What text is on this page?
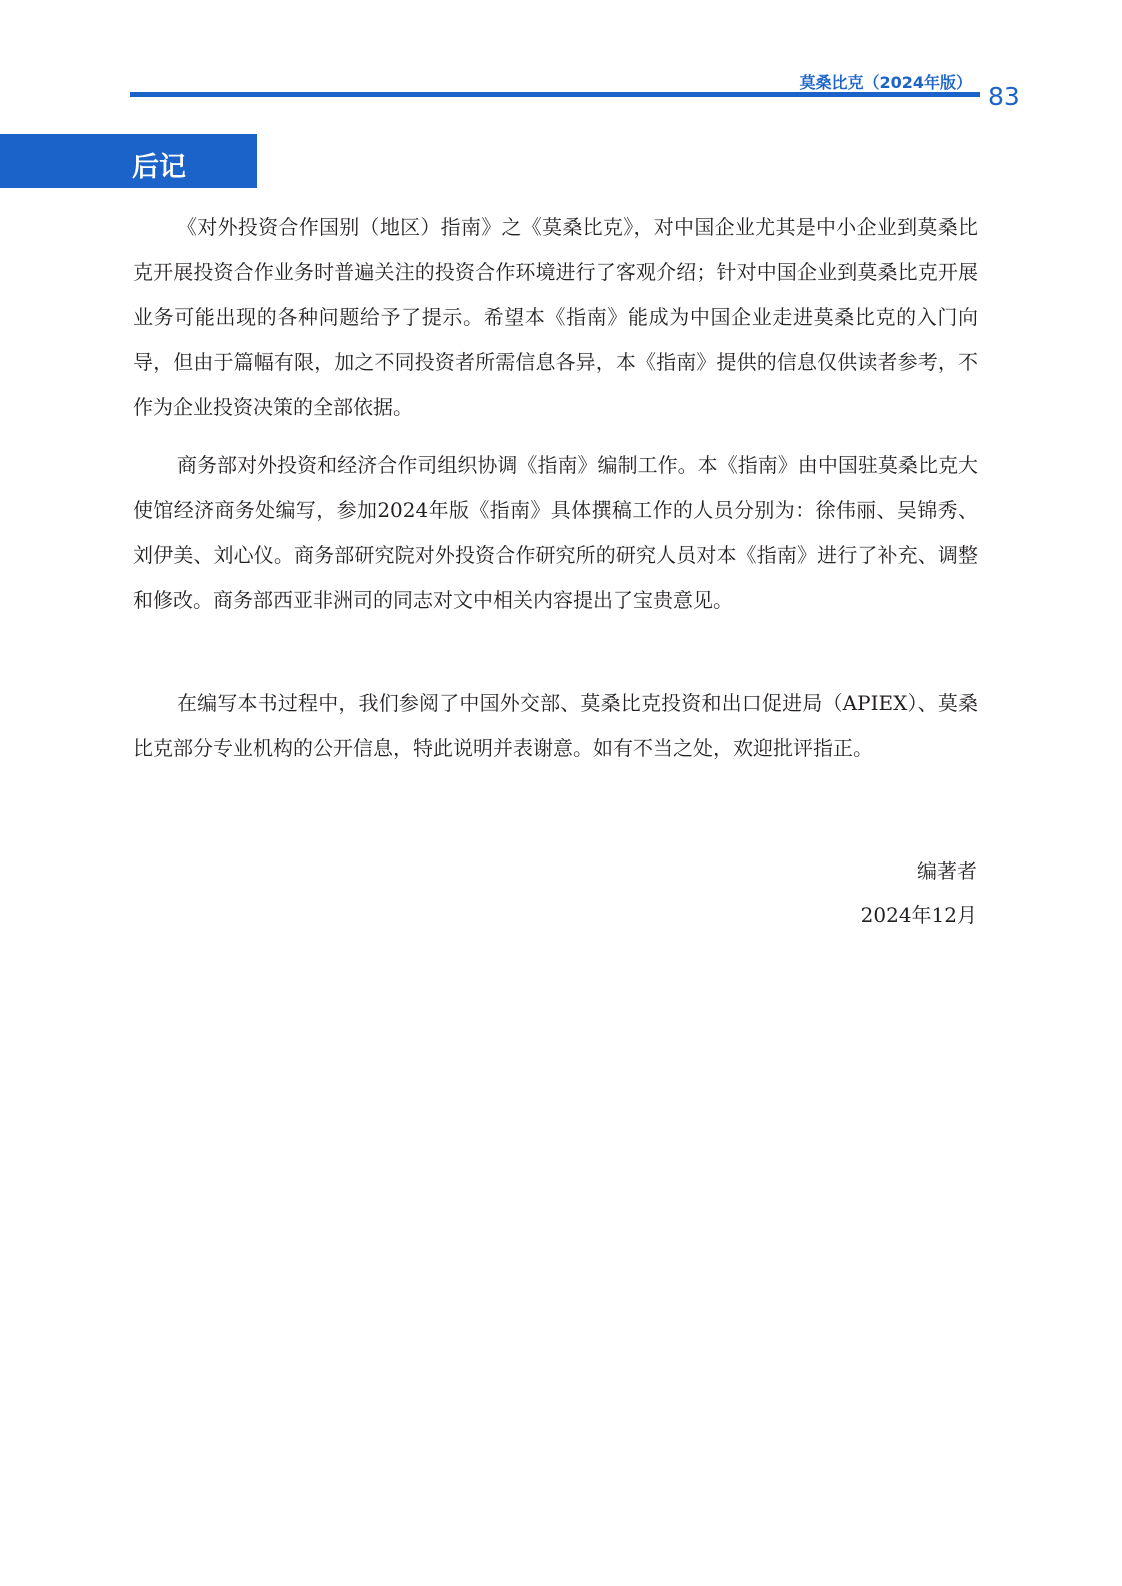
莫桑比克（2024年版） 83
后记

《对外投资合作国别（地区）指南》之《莫桑比克》，对中国企业尤其是中小企业到莫桑比克开展投资合作业务时普遍关注的投资合作环境进行了客观介绍；针对中国企业到莫桑比克开展业务可能出现的各种问题给予了提示。希望本《指南》能成为中国企业走进莫桑比克的入门向导，但由于篇幅有限，加之不同投资者所需信息各异，本《指南》提供的信息仅供读者参考，不作为企业投资决策的全部依据。

商务部对外投资和经济合作司组织协调《指南》编制工作。本《指南》由中国驻莫桑比克大使馆经济商务处编写，参加2024年版《指南》具体撰稿工作的人员分别为：徐伟丽、吴锦秀、刘伊美、刘心仪。商务部研究院对外投资合作研究所的研究人员对本《指南》进行了补充、调整和修改。商务部西亚非洲司的同志对文中相关内容提出了宝贵意见。

在编写本书过程中，我们参阅了中国外交部、莫桑比克投资和出口促进局（APIEX）、莫桑比克部分专业机构的公开信息，特此说明并表谢意。如有不当之处，欢迎批评指正。

编著者
2024年12月
